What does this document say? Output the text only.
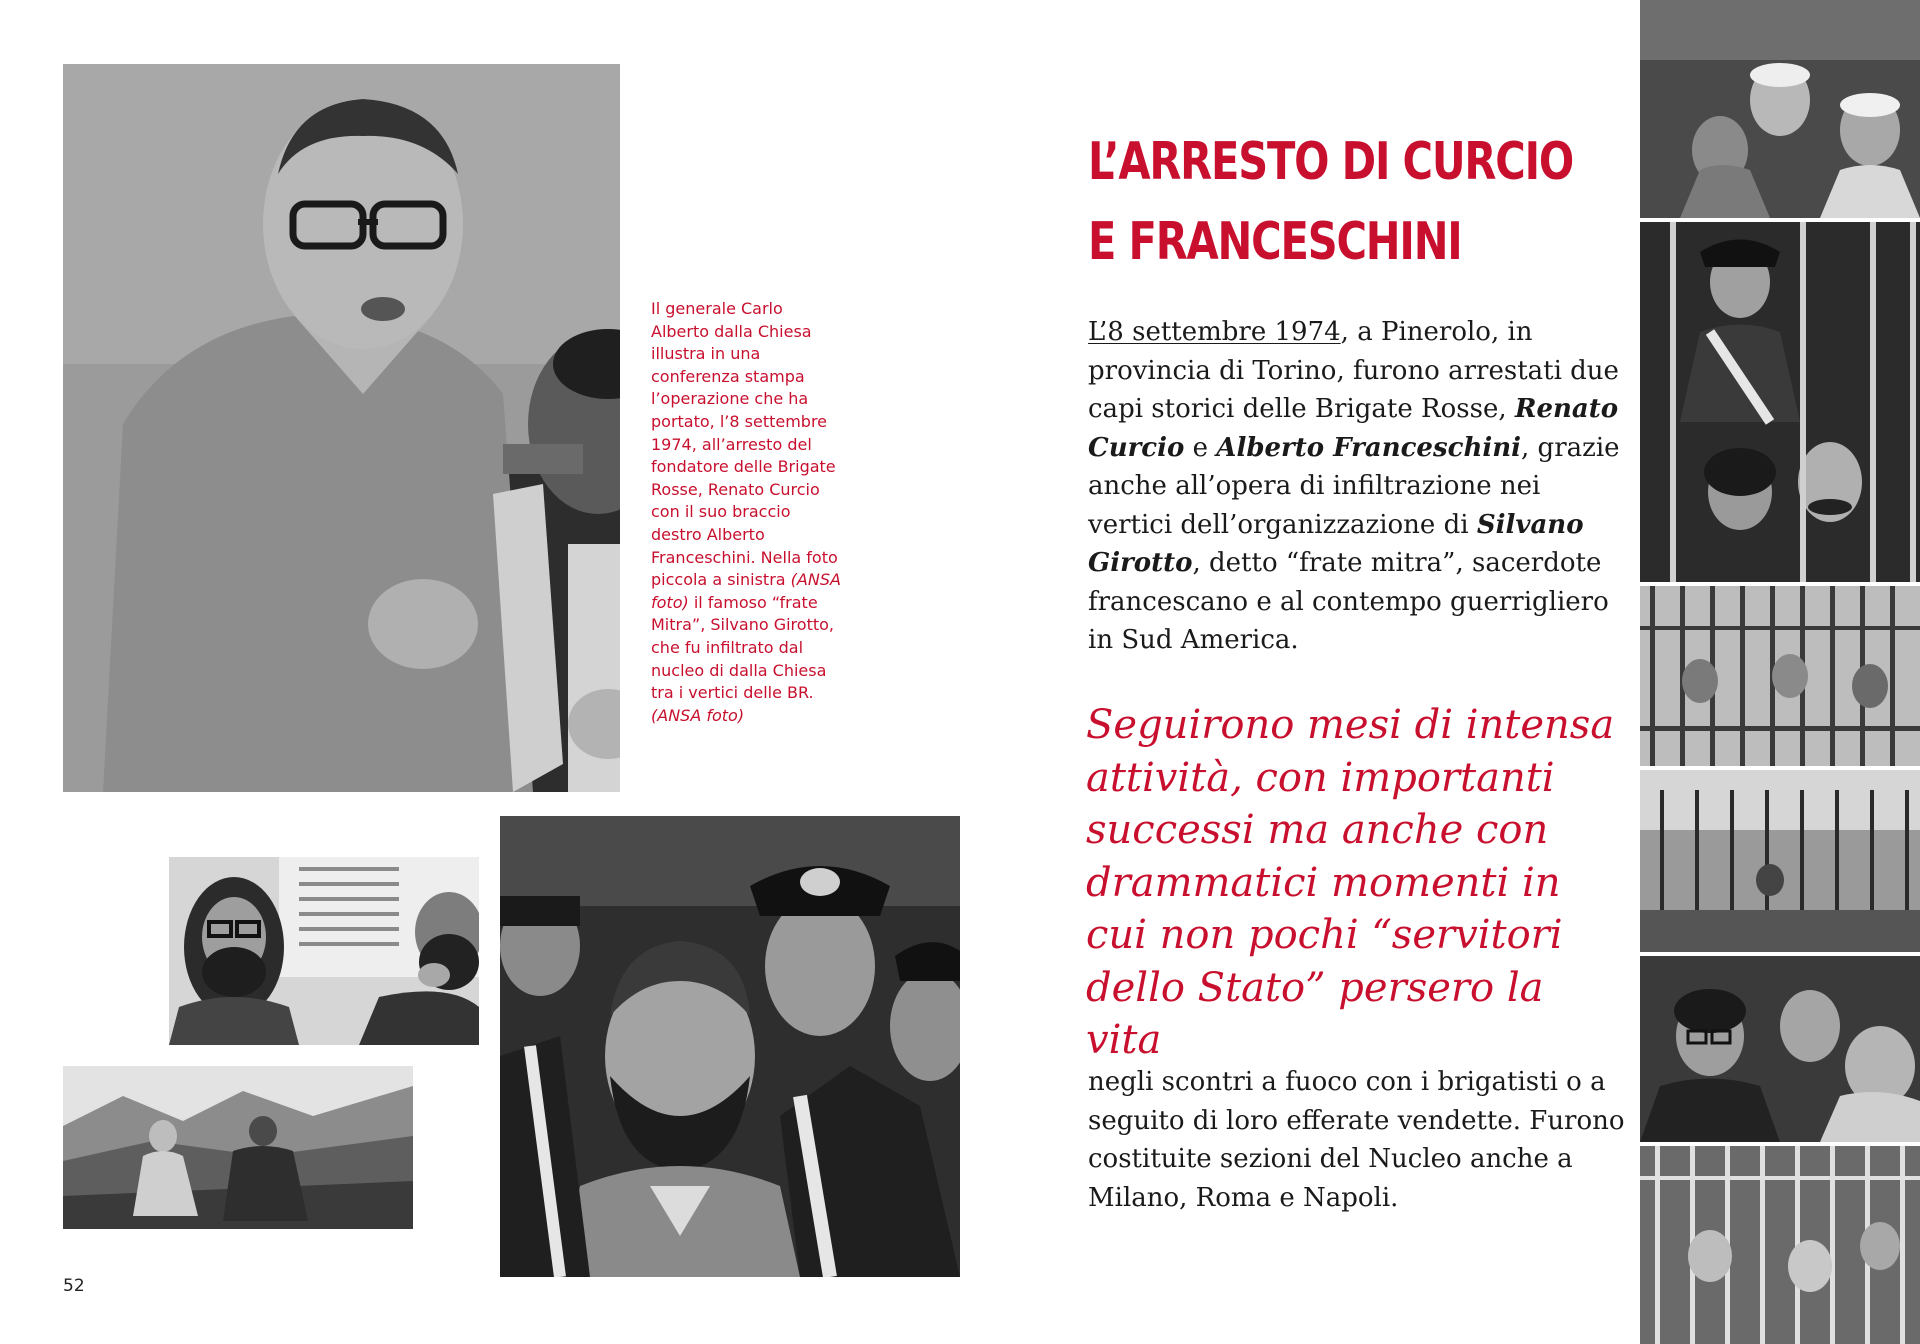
Il generale Carlo Alberto dalla Chiesa illustra in una conferenza stampa l’operazione che ha portato, l’8 settembre 1974, all’arresto del fondatore delle Brigate Rosse, Renato Curcio con il suo braccio destro Alberto Franceschini. Nella foto piccola a sinistra (ANSA foto) il famoso “frate Mitra”, Silvano Girotto, che fu infiltrato dal nucleo di dalla Chiesa tra i vertici delle BR. (ANSA foto)

52
L’ARRESTO DI CURCIO
E FRANCESCHINI

L’8 settembre 1974, a Pinerolo, in provincia di Torino, furono arrestati due capi storici delle Brigate Rosse, Renato Curcio e Alberto Franceschini, grazie anche all’opera di infiltrazione nei vertici dell’organizzazione di Silvano Girotto, detto “frate mitra”, sacerdote francescano e al contempo guerrigliero in Sud America.

Seguirono mesi di intensa attività, con importanti successi ma anche con drammatici momenti in cui non pochi “servitori dello Stato” persero la vita

negli scontri a fuoco con i brigatisti o a seguito di loro efferate vendette. Furono costituite sezioni del Nucleo anche a Milano, Roma e Napoli.
